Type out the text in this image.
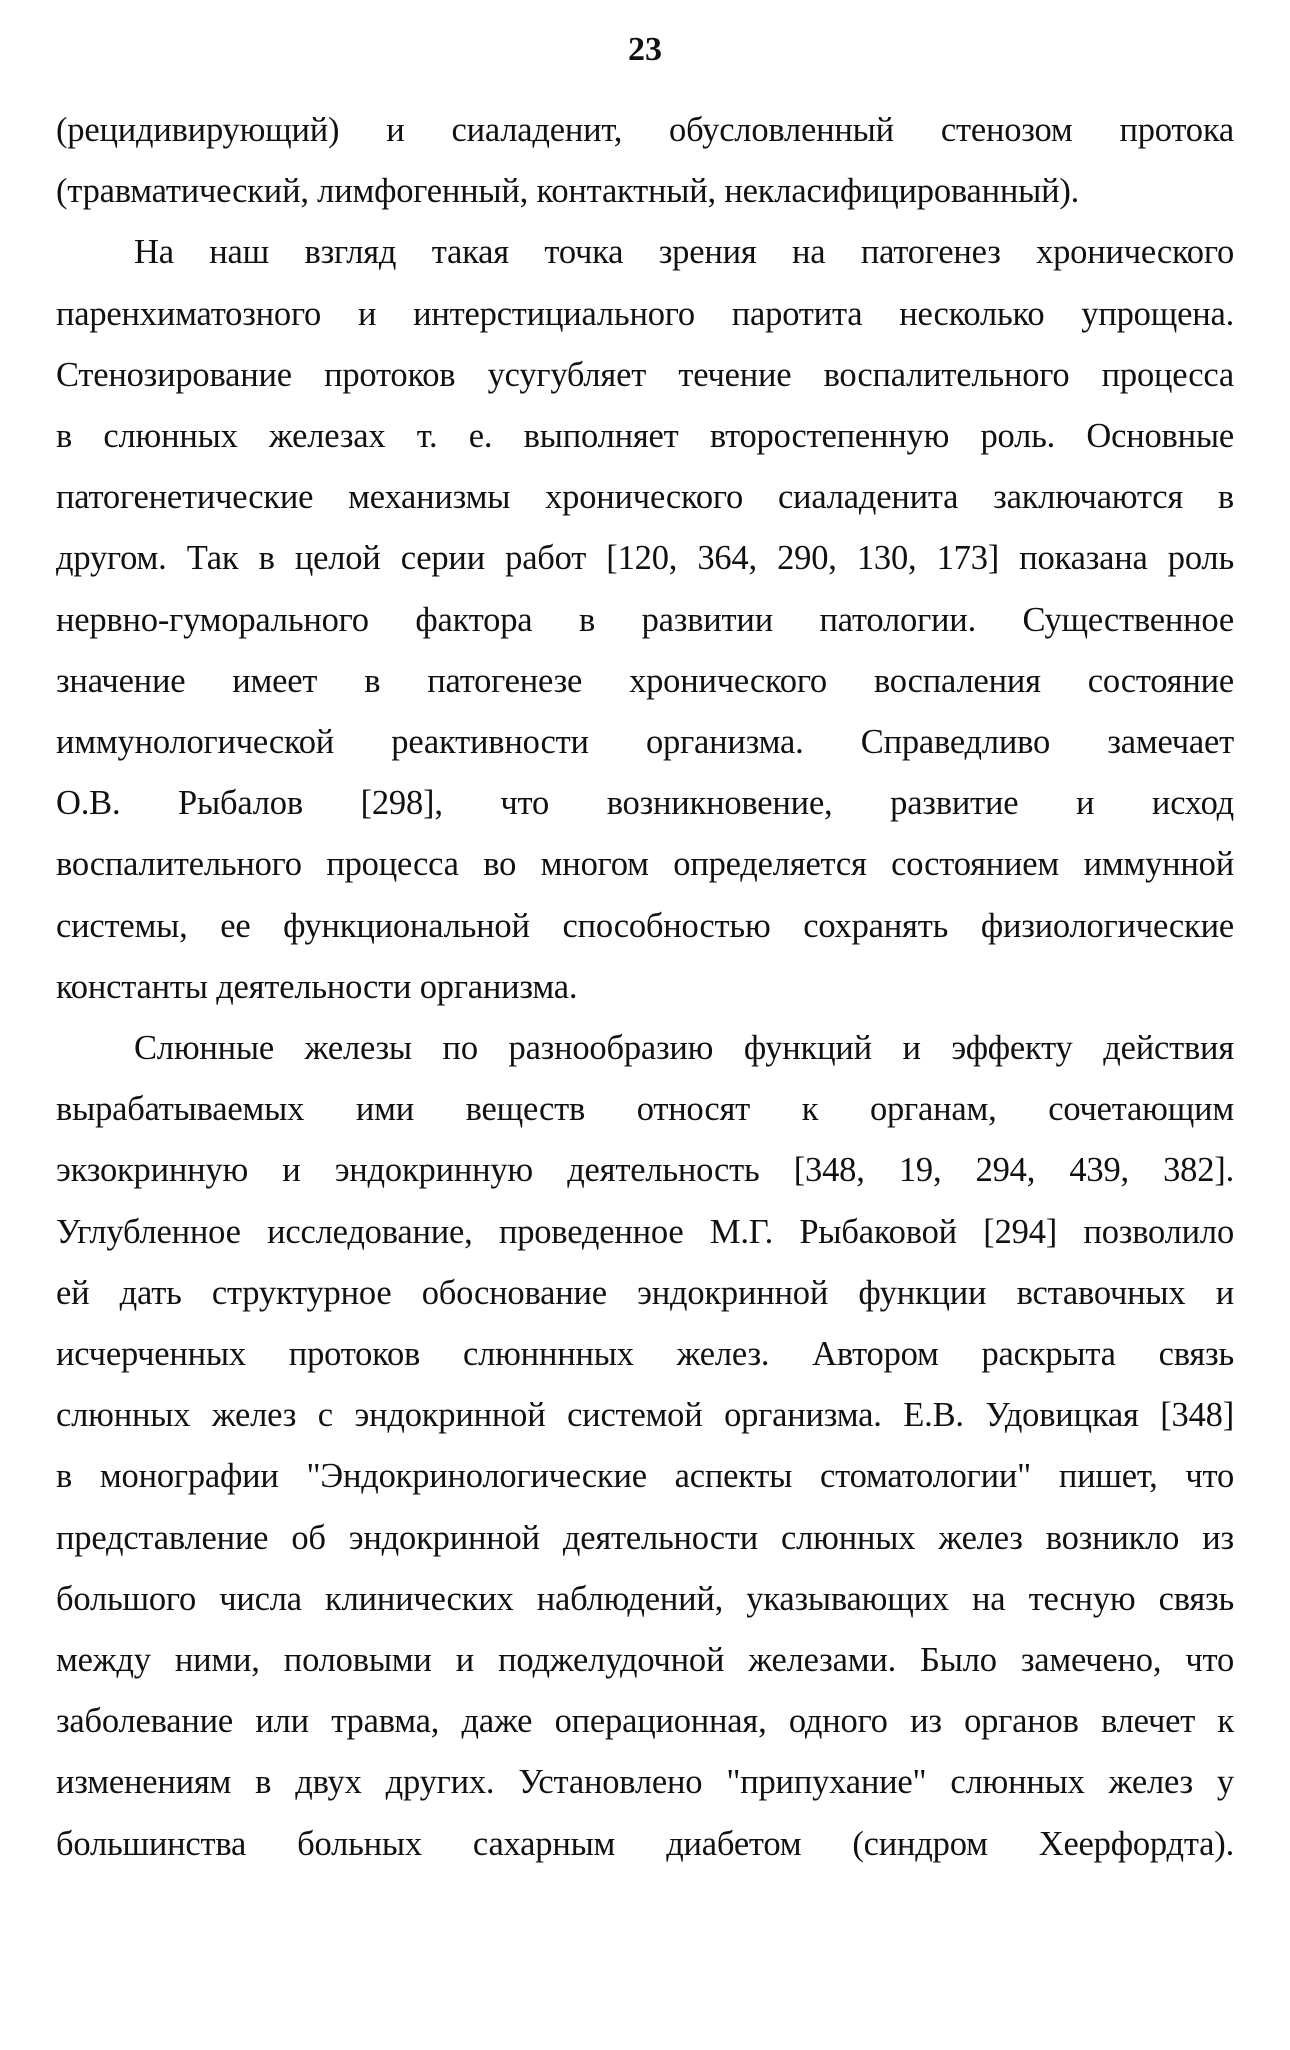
23

(рецидивирующий) и сиаладенит, обусловленный стенозом протока

(травматический, лимфогенный, контактный, некласифицированный).

На наш взгляд такая точка зрения на патогенез хронического

паренхиматозного и интерстициального паротита несколько упрощена.

Стенозирование протоков усугубляет течение воспалительного процесса

в слюнных железах т. е. выполняет второстепенную роль. Основные

патогенетические механизмы хронического сиаладенита заключаются в

другом. Так в целой серии работ [120, 364, 290, 130, 173] показана роль

нервно-гуморального фактора в развитии патологии. Существенное

значение имеет в патогенезе хронического воспаления состояние

иммунологической реактивности организма. Справедливо замечает

О.В. Рыбалов [298], что возникновение, развитие и исход

воспалительного процесса во многом определяется состоянием иммунной

системы, ее функциональной способностью сохранять физиологические

константы деятельности организма.

Слюнные железы по разнообразию функций и эффекту действия

вырабатываемых ими веществ относят к органам, сочетающим

экзокринную и эндокринную деятельность [348, 19, 294, 439, 382].

Углубленное исследование, проведенное М.Г. Рыбаковой [294] позволило

ей дать структурное обоснование эндокринной функции вставочных и

исчерченных протоков слюнннных желез. Автором раскрыта связь

слюнных желез с эндокринной системой организма. Е.В. Удовицкая [348]

в монографии "Эндокринологические аспекты стоматологии" пишет, что

представление об эндокринной деятельности слюнных желез возникло из

большого числа клинических наблюдений, указывающих на тесную связь

между ними, половыми и поджелудочной железами. Было замечено, что

заболевание или травма, даже операционная, одного из органов влечет к

изменениям в двух других. Установлено "припухание" слюнных желез у

большинства больных сахарным диабетом (синдром Хеерфордта).
